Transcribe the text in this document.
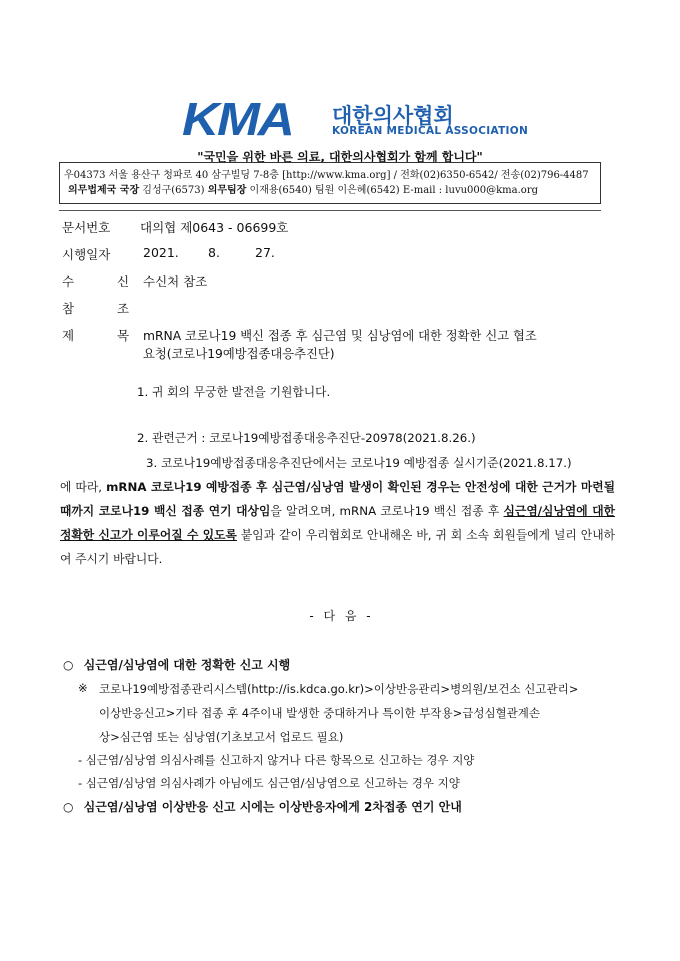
KMA 대한의사협회
KOREAN MEDICAL ASSOCIATION
"국민을 위한 바른 의료, 대한의사협회가 함께 합니다"
우04373 서울 용산구 청파로 40 삼구빌딩 7-8층 [http://www.kma.org] / 전화(02)6350-6542/ 전송(02)796-4487
의무법제국 국장 김성구(6573) 의무팀장 이재용(6540) 팀원 이은혜(6542) E-mail : luvu000@kma.org
문서번호 대의협 제0643 - 06699호
시행일자	2021. 8.	27.
수	신 수신처 참조
참	조
제	목 mRNA 코로나19 백신 접종 후 심근염 및 심낭염에 대한 정확한 신고 협조
요청(코로나19예방접종대응추진단)
1. 귀 회의 무궁한 발전을 기원합니다.
2. 관련근거 : 코로나19예방접종대응추진단-20978(2021.8.26.)

3. 코로나19예방접종대응추진단에서는 코로나19 예방접종 실시기준(2021.8.17.)
에 따라, mRNA 코로나19 예방접종 후 심근염/심낭염 발생이 확인된 경우는 안전성에 대한 근거가 마련될 때까지 코로나19 백신 접종 연기 대상임을 알려오며, mRNA 코로나19 백신 접종 후 심근염/심낭염에 대한 정확한 신고가 이루어질 수 있도록 붙임과 같이 우리협회로 안내해온 바, 귀 회 소속 회원들에게 널리 안내하여 주시기 바랍니다.

- 다 음 -
○ 심근염/심낭염에 대한 정확한 신고 시행
※ 코로나19예방접종관리시스템(http://is.kdca.go.kr)>이상반응관리>병의원/보건소 신고관리>
이상반응신고>기타 접종 후 4주이내 발생한 중대하거나 특이한 부작용>급성심혈관계손
상>심근염 또는 심낭염(기초보고서 업로드 필요)
- 심근염/심낭염 의심사례를 신고하지 않거나 다른 항목으로 신고하는 경우 지양
- 심근염/심낭염 의심사례가 아님에도 심근염/심낭염으로 신고하는 경우 지양
○ 심근염/심낭염 이상반응 신고 시에는 이상반응자에게 2차접종 연기 안내
